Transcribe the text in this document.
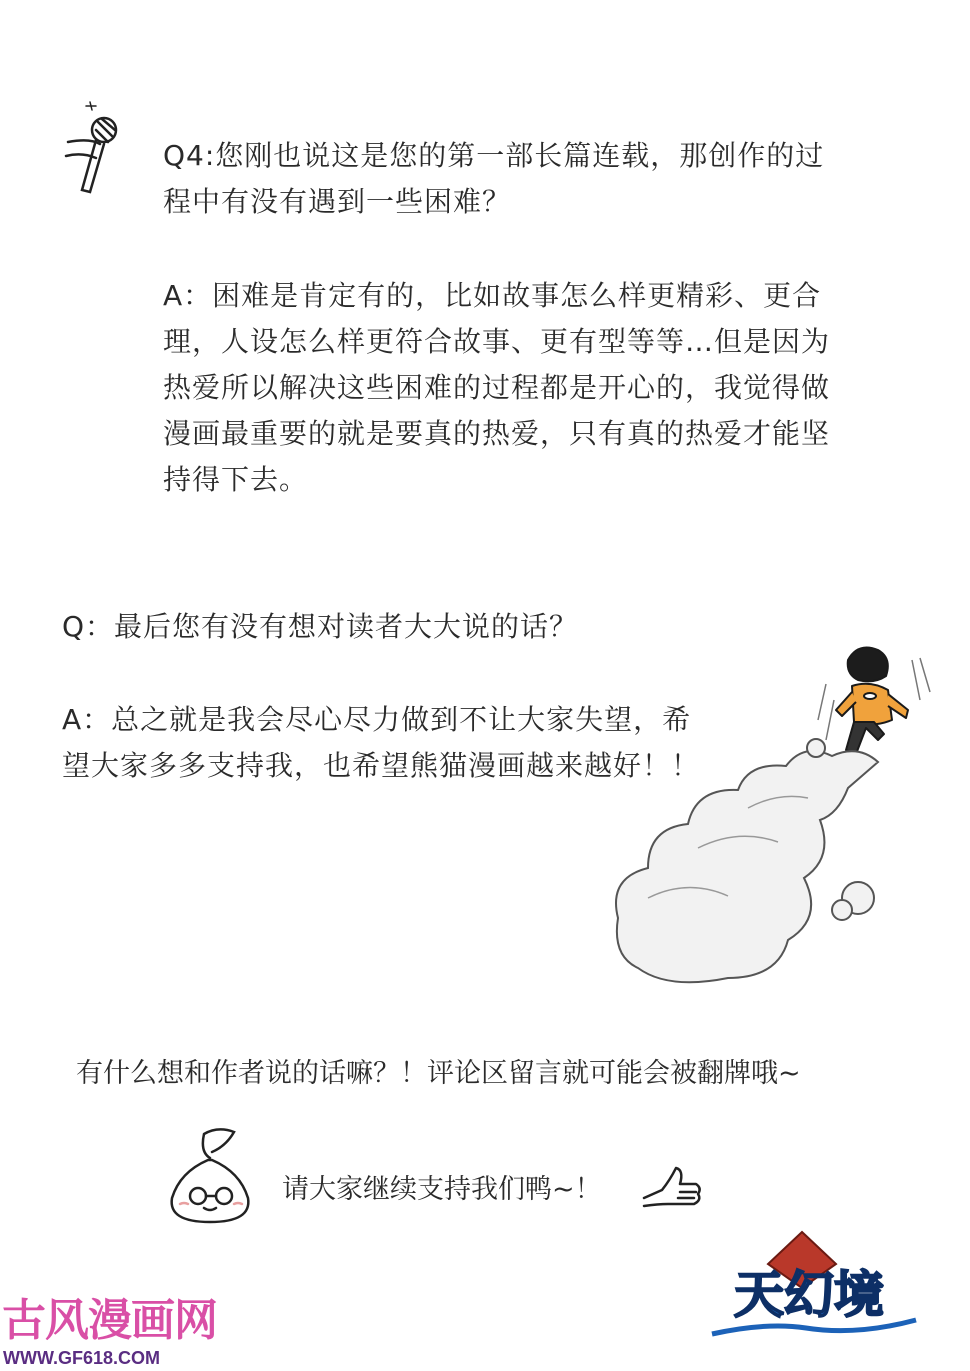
Q4:您刚也说这是您的第一部长篇连载，那创作的过
程中有没有遇到一些困难？
A：困难是肯定有的，比如故事怎么样更精彩、更合
理，人设怎么样更符合故事、更有型等等…但是因为
热爱所以解决这些困难的过程都是开心的，我觉得做
漫画最重要的就是要真的热爱，只有真的热爱才能坚
持得下去。
Q：最后您有没有想对读者大大说的话？
A：总之就是我会尽心尽力做到不让大家失望，希
望大家多多支持我，也希望熊猫漫画越来越好！！
有什么想和作者说的话嘛？！评论区留言就可能会被翻牌哦~
请大家继续支持我们鸭~！
天幻境
古风漫画网
WWW.GF618.COM
